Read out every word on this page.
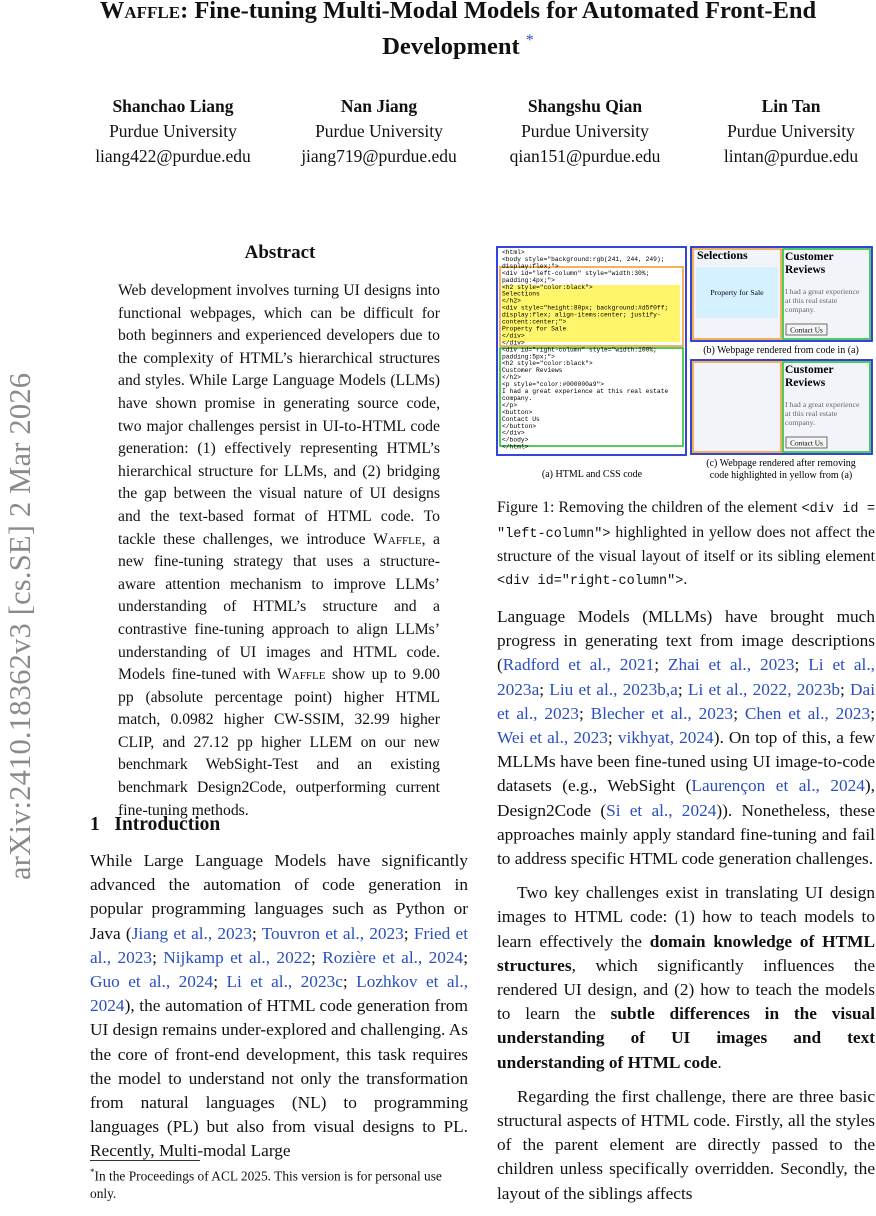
Waffle: Fine-tuning Multi-Modal Models for Automated Front-End Development *
Shanchao Liang
Purdue University
liang422@purdue.edu
Nan Jiang
Purdue University
jiang719@purdue.edu
Shangshu Qian
Purdue University
qian151@purdue.edu
Lin Tan
Purdue University
lintan@purdue.edu
arXiv:2410.18362v3 [cs.SE] 2 Mar 2026
Abstract
Web development involves turning UI designs into functional webpages, which can be difficult for both beginners and experienced developers due to the complexity of HTML’s hierarchical structures and styles. While Large Language Models (LLMs) have shown promise in generating source code, two major challenges persist in UI-to-HTML code generation: (1) effectively representing HTML’s hierarchical structure for LLMs, and (2) bridging the gap between the visual nature of UI designs and the text-based format of HTML code. To tackle these challenges, we introduce Waffle, a new fine-tuning strategy that uses a structure-aware attention mechanism to improve LLMs’ understanding of HTML’s structure and a contrastive fine-tuning approach to align LLMs’ understanding of UI images and HTML code. Models fine-tuned with Waffle show up to 9.00 pp (absolute percentage point) higher HTML match, 0.0982 higher CW-SSIM, 32.99 higher CLIP, and 27.12 pp higher LLEM on our new benchmark WebSight-Test and an existing benchmark Design2Code, outperforming current fine-tuning methods.
1 Introduction
While Large Language Models have significantly advanced the automation of code generation in popular programming languages such as Python or Java (Jiang et al., 2023; Touvron et al., 2023; Fried et al., 2023; Nijkamp et al., 2022; Rozière et al., 2024; Guo et al., 2024; Li et al., 2023c; Lozhkov et al., 2024), the automation of HTML code generation from UI design remains under-explored and challenging. As the core of front-end development, this task requires the model to understand not only the transformation from natural languages (NL) to programming languages (PL) but also from visual designs to PL. Recently, Multi-modal Large
*In the Proceedings of ACL 2025. This version is for personal use only.
<html>
<body style="background:rgb(241, 244, 249);
display:flex;">
<div id="left-column" style="width:30%;
padding:4px;">
<h2 style="color:black">
Selections
</h2>
<div style="height:80px; background:#d5f0ff;
display:flex; align-items:center; justify-
content:center;">
Property for Sale
</div>
</div>
<div id="right-column" style="width:100%;
padding:5px;">
<h2 style="color:black">
Customer Reviews
</h2>
<p style="color:#000000a9">
I had a great experience at this real estate
company.
</p>
<button>
Contact Us
</button>
</div>
</body>
</html>
(a) HTML and CSS code
Selections
Property for Sale
Customer
Reviews
I had a great experience
at this real estate
company.
Contact Us
(b) Webpage rendered from code in (a)
Customer
Reviews
I had a great experience
at this real estate
company.
Contact Us
(c) Webpage rendered after removing
code highlighted in yellow from (a)
Figure 1: Removing the children of the element <div id = "left-column"> highlighted in yellow does not affect the structure of the visual layout of itself or its sibling element <div id="right-column">.

Language Models (MLLMs) have brought much progress in generating text from image descriptions (Radford et al., 2021; Zhai et al., 2023; Li et al., 2023a; Liu et al., 2023b,a; Li et al., 2022, 2023b; Dai et al., 2023; Blecher et al., 2023; Chen et al., 2023; Wei et al., 2023; vikhyat, 2024). On top of this, a few MLLMs have been fine-tuned using UI image-to-code datasets (e.g., WebSight (Laurençon et al., 2024), Design2Code (Si et al., 2024)). Nonetheless, these approaches mainly apply standard fine-tuning and fail to address specific HTML code generation challenges.

Two key challenges exist in translating UI design images to HTML code: (1) how to teach models to learn effectively the domain knowledge of HTML structures, which significantly influences the rendered UI design, and (2) how to teach the models to learn the subtle differences in the visual understanding of UI images and text understanding of HTML code.

Regarding the first challenge, there are three basic structural aspects of HTML code. Firstly, all the styles of the parent element are directly passed to the children unless specifically overridden. Secondly, the layout of the siblings affects
